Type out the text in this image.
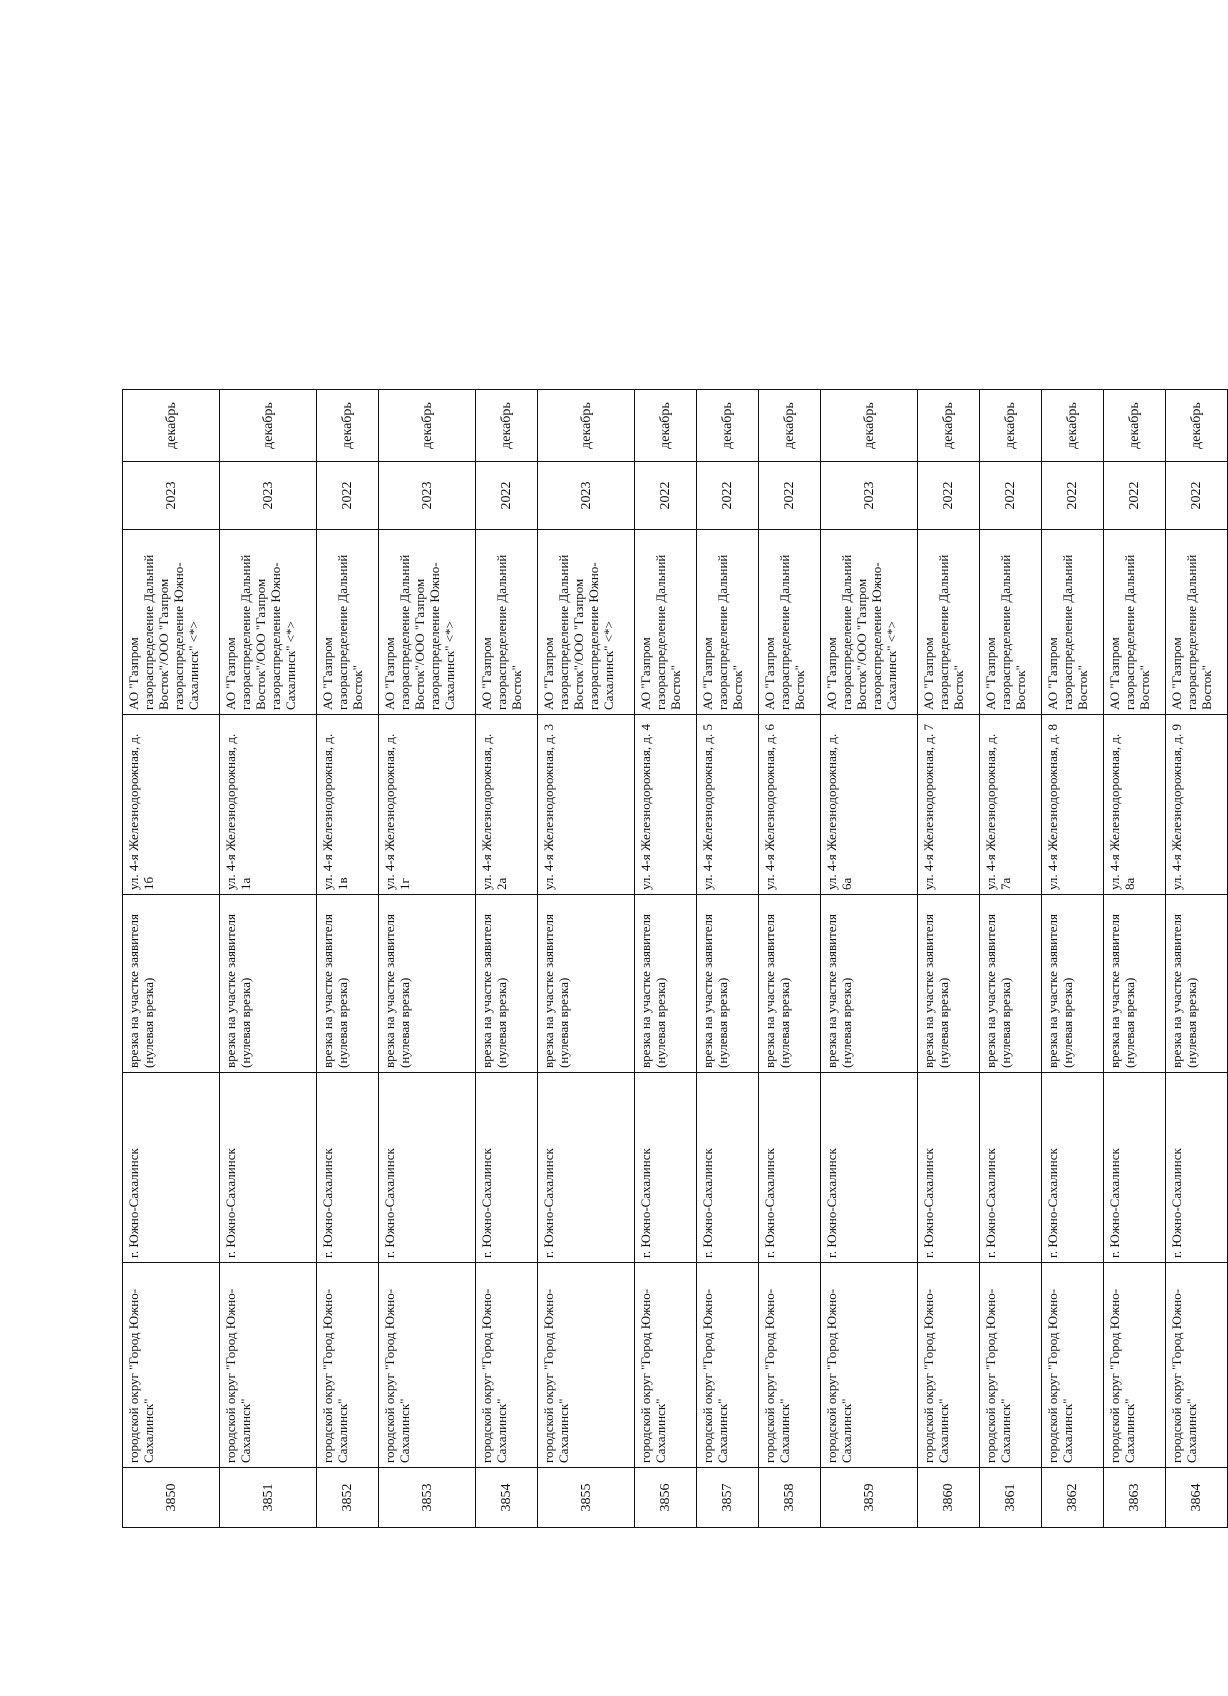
3850	городской округ "Город Южно-Сахалинск"	г. Южно-Сахалинск	врезка на участке заявителя (нулевая врезка)	ул. 4-я Железнодорожная, д. 1б	АО "Газпром газораспределение Дальний Восток"/ООО "Газпром газораспределение Южно-Сахалинск" <*>	2023	декабрь
3851	городской округ "Город Южно-Сахалинск"	г. Южно-Сахалинск	врезка на участке заявителя (нулевая врезка)	ул. 4-я Железнодорожная, д. 1а	АО "Газпром газораспределение Дальний Восток"/ООО "Газпром газораспределение Южно-Сахалинск" <*>	2023	декабрь
3852	городской округ "Город Южно-Сахалинск"	г. Южно-Сахалинск	врезка на участке заявителя (нулевая врезка)	ул. 4-я Железнодорожная, д. 1в	АО "Газпром газораспределение Дальний Восток"	2022	декабрь
3853	городской округ "Город Южно-Сахалинск"	г. Южно-Сахалинск	врезка на участке заявителя (нулевая врезка)	ул. 4-я Железнодорожная, д. 1г	АО "Газпром газораспределение Дальний Восток"/ООО "Газпром газораспределение Южно-Сахалинск" <*>	2023	декабрь
3854	городской округ "Город Южно-Сахалинск"	г. Южно-Сахалинск	врезка на участке заявителя (нулевая врезка)	ул. 4-я Железнодорожная, д. 2а	АО "Газпром газораспределение Дальний Восток"	2022	декабрь
3855	городской округ "Город Южно-Сахалинск"	г. Южно-Сахалинск	врезка на участке заявителя (нулевая врезка)	ул. 4-я Железнодорожная, д. 3	АО "Газпром газораспределение Дальний Восток"/ООО "Газпром газораспределение Южно-Сахалинск" <*>	2023	декабрь
3856	городской округ "Город Южно-Сахалинск"	г. Южно-Сахалинск	врезка на участке заявителя (нулевая врезка)	ул. 4-я Железнодорожная, д. 4	АО "Газпром газораспределение Дальний Восток"	2022	декабрь
3857	городской округ "Город Южно-Сахалинск"	г. Южно-Сахалинск	врезка на участке заявителя (нулевая врезка)	ул. 4-я Железнодорожная, д. 5	АО "Газпром газораспределение Дальний Восток"	2022	декабрь
3858	городской округ "Город Южно-Сахалинск"	г. Южно-Сахалинск	врезка на участке заявителя (нулевая врезка)	ул. 4-я Железнодорожная, д. 6	АО "Газпром газораспределение Дальний Восток"	2022	декабрь
3859	городской округ "Город Южно-Сахалинск"	г. Южно-Сахалинск	врезка на участке заявителя (нулевая врезка)	ул. 4-я Железнодорожная, д. 6а	АО "Газпром газораспределение Дальний Восток"/ООО "Газпром газораспределение Южно-Сахалинск" <*>	2023	декабрь
3860	городской округ "Город Южно-Сахалинск"	г. Южно-Сахалинск	врезка на участке заявителя (нулевая врезка)	ул. 4-я Железнодорожная, д. 7	АО "Газпром газораспределение Дальний Восток"	2022	декабрь
3861	городской округ "Город Южно-Сахалинск"	г. Южно-Сахалинск	врезка на участке заявителя (нулевая врезка)	ул. 4-я Железнодорожная, д. 7а	АО "Газпром газораспределение Дальний Восток"	2022	декабрь
3862	городской округ "Город Южно-Сахалинск"	г. Южно-Сахалинск	врезка на участке заявителя (нулевая врезка)	ул. 4-я Железнодорожная, д. 8	АО "Газпром газораспределение Дальний Восток"	2022	декабрь
3863	городской округ "Город Южно-Сахалинск"	г. Южно-Сахалинск	врезка на участке заявителя (нулевая врезка)	ул. 4-я Железнодорожная, д. 8а	АО "Газпром газораспределение Дальний Восток"	2022	декабрь
3864	городской округ "Город Южно-Сахалинск"	г. Южно-Сахалинск	врезка на участке заявителя (нулевая врезка)	ул. 4-я Железнодорожная, д. 9	АО "Газпром газораспределение Дальний Восток"	2022	декабрь
